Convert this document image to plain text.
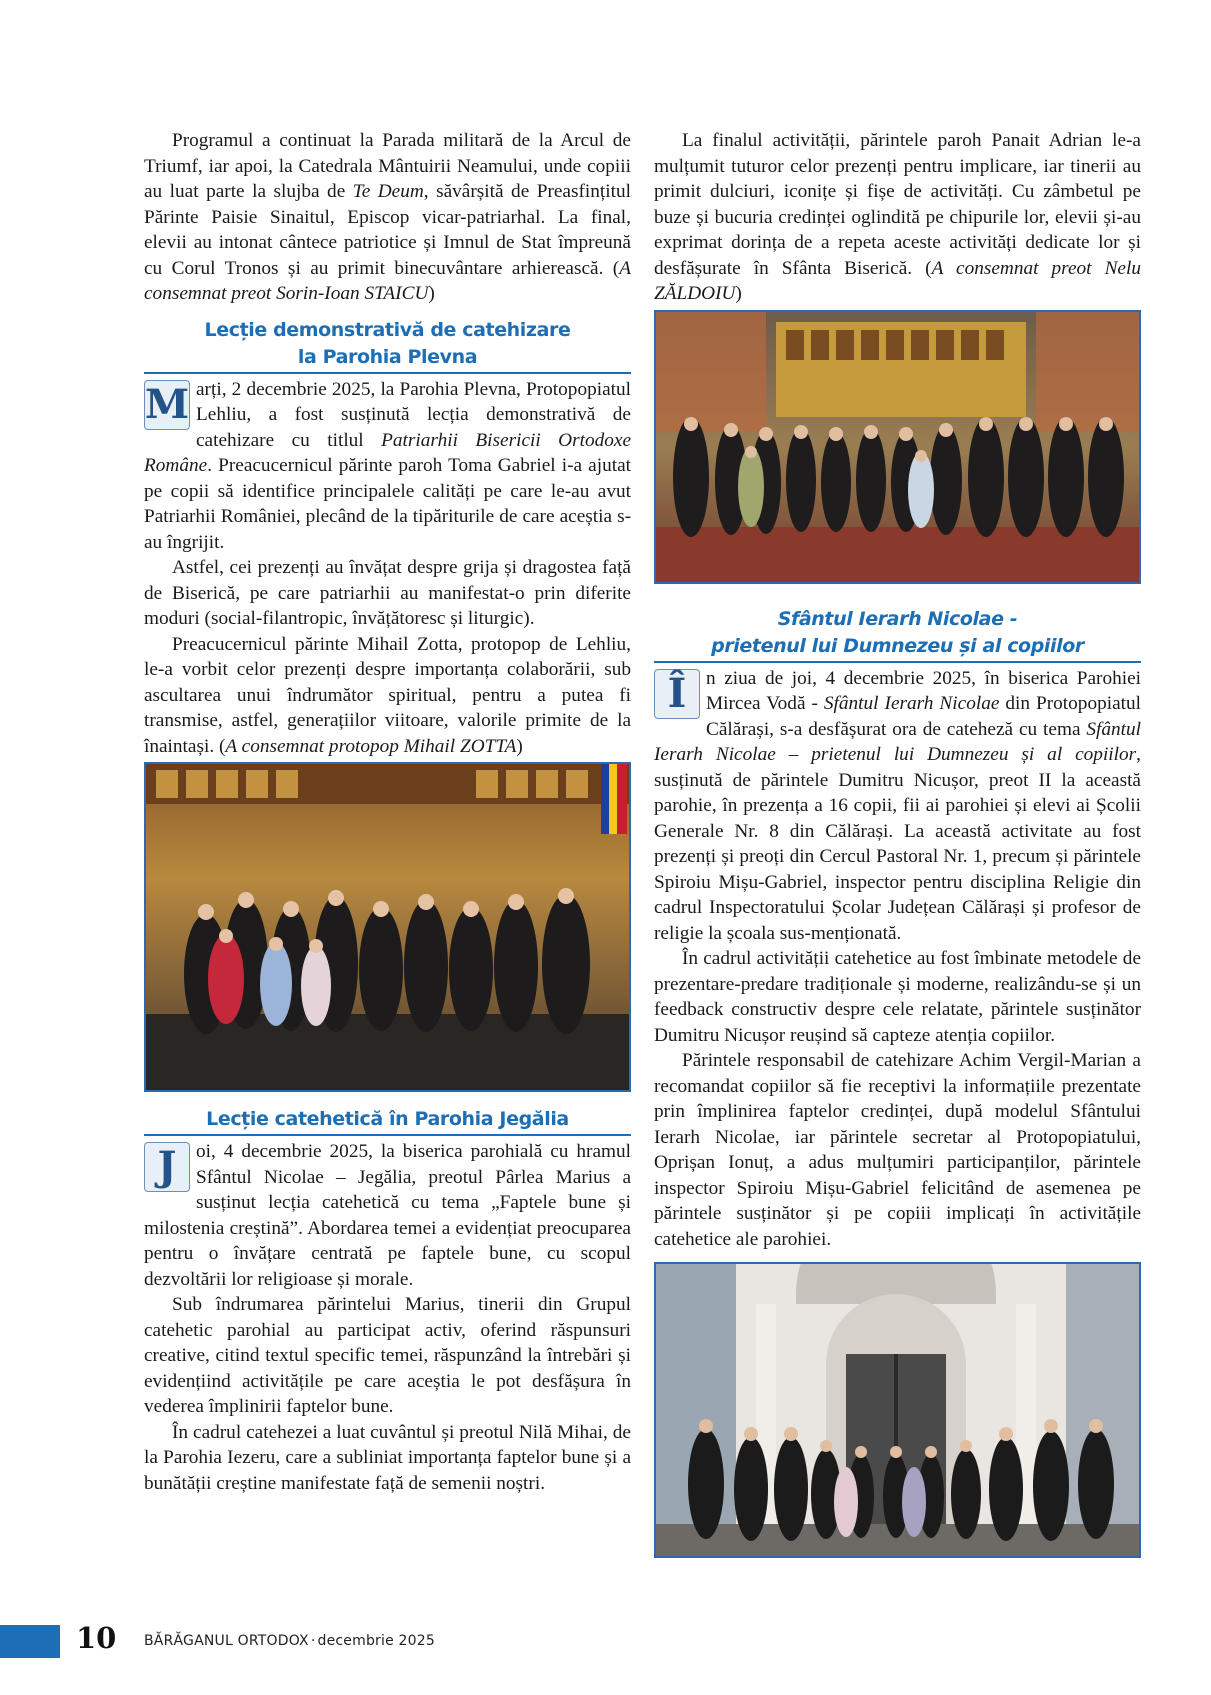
Programul a continuat la Parada militară de la Arcul de Triumf, iar apoi, la Catedrala Mântuirii Neamului, unde copiii au luat parte la slujba de Te Deum, săvârșită de Preasfințitul Părinte Paisie Sinaitul, Episcop vicar-patriarhal. La final, elevii au intonat cântece patriotice și Imnul de Stat împreună cu Corul Tronos și au primit binecuvântare arhierească. (A consemnat preot Sorin-Ioan STAICU)

Lecție demonstrativă de catehizare
la Parohia Plevna

M arți, 2 decembrie 2025, la Parohia Plevna, Protopopiatul Lehliu, a fost susținută lecția demonstrativă de catehizare cu titlul Patriarhii Bisericii Ortodoxe Române. Preacucernicul părinte paroh Toma Gabriel i-a ajutat pe copii să identifice principalele calități pe care le-au avut Patriarhii României, plecând de la tipăriturile de care aceștia s-au îngrijit.

Astfel, cei prezenți au învățat despre grija și dragostea față de Biserică, pe care patriarhii au manifestat-o prin diferite moduri (social-filantropic, învățătoresc și liturgic).

Preacucernicul părinte Mihail Zotta, protopop de Lehliu, le-a vorbit celor prezenți despre importanța colaborării, sub ascultarea unui îndrumător spiritual, pentru a putea fi transmise, astfel, generațiilor viitoare, valorile primite de la înaintași. (A consemnat protopop Mihail ZOTTA)

Lecție catehetică în Parohia Jegălia

J	oi, 4 decembrie 2025, la biserica parohială cu hramul Sfântul Nicolae – Jegălia, preotul Pârlea Marius a susținut lecția catehetică cu tema „Faptele bune și milostenia creștină”. Abordarea temei a evidențiat preocuparea pentru o învățare centrată pe faptele bune, cu scopul dezvoltării lor religioase și morale.

Sub îndrumarea părintelui Marius, tinerii din Grupul catehetic parohial au participat activ, oferind răspunsuri creative, citind textul specific temei, răspunzând la întrebări și evidențiind activitățile pe care aceștia le pot desfășura în vederea împlinirii faptelor bune.

În cadrul catehezei a luat cuvântul și preotul Nilă Mihai, de la Parohia Iezeru, care a subliniat importanța faptelor bune și a bunătății creștine manifestate față de semenii noștri.

La finalul activității, părintele paroh Panait Adrian le-a mulțumit tuturor celor prezenți pentru implicare, iar tinerii au primit dulciuri, iconițe și fișe de activități. Cu zâmbetul pe buze și bucuria credinței oglindită pe chipurile lor, elevii și-au exprimat dorința de a repeta aceste activități dedicate lor și desfășurate în Sfânta Biserică. (A consemnat preot Nelu ZĂLDOIU)

Sfântul Ierarh Nicolae -
prietenul lui Dumnezeu și al copiilor

Î	n ziua de joi, 4 decembrie 2025, în biserica Parohiei Mircea Vodă - Sfântul Ierarh Nicolae din Protopopiatul Călărași, s-a desfășurat ora de cateheză cu tema Sfântul Ierarh Nicolae – prietenul lui Dumnezeu și al copiilor, susținută de părintele Dumitru Nicușor, preot II la această parohie, în prezența a 16 copii, fii ai parohiei și elevi ai Școlii Generale Nr. 8 din Călărași. La această activitate au fost prezenți și preoți din Cercul Pastoral Nr. 1, precum și părintele Spiroiu Mișu-Gabriel, inspector pentru disciplina Religie din cadrul Inspectoratului Școlar Județean Călărași și profesor de religie la școala sus-menționată.

În cadrul activității catehetice au fost îmbinate metodele de prezentare-predare tradiționale și moderne, realizându-se și un feedback constructiv despre cele relatate, părintele susținător Dumitru Nicușor reușind să capteze atenția copiilor.

Părintele responsabil de catehizare Achim Vergil-Marian a recomandat copiilor să fie receptivi la informațiile prezentate prin împlinirea faptelor credinței, după modelul Sfântului Ierarh Nicolae, iar părintele secretar al Protopopiatului, Oprișan Ionuț, a adus mulțumiri participanților, părintele inspector Spiroiu Mișu-Gabriel felicitând de asemenea pe părintele susținător și pe copiii implicați în activitățile catehetice ale parohiei.

10 BĂRĂGANUL ORTODOX · decembrie 2025
